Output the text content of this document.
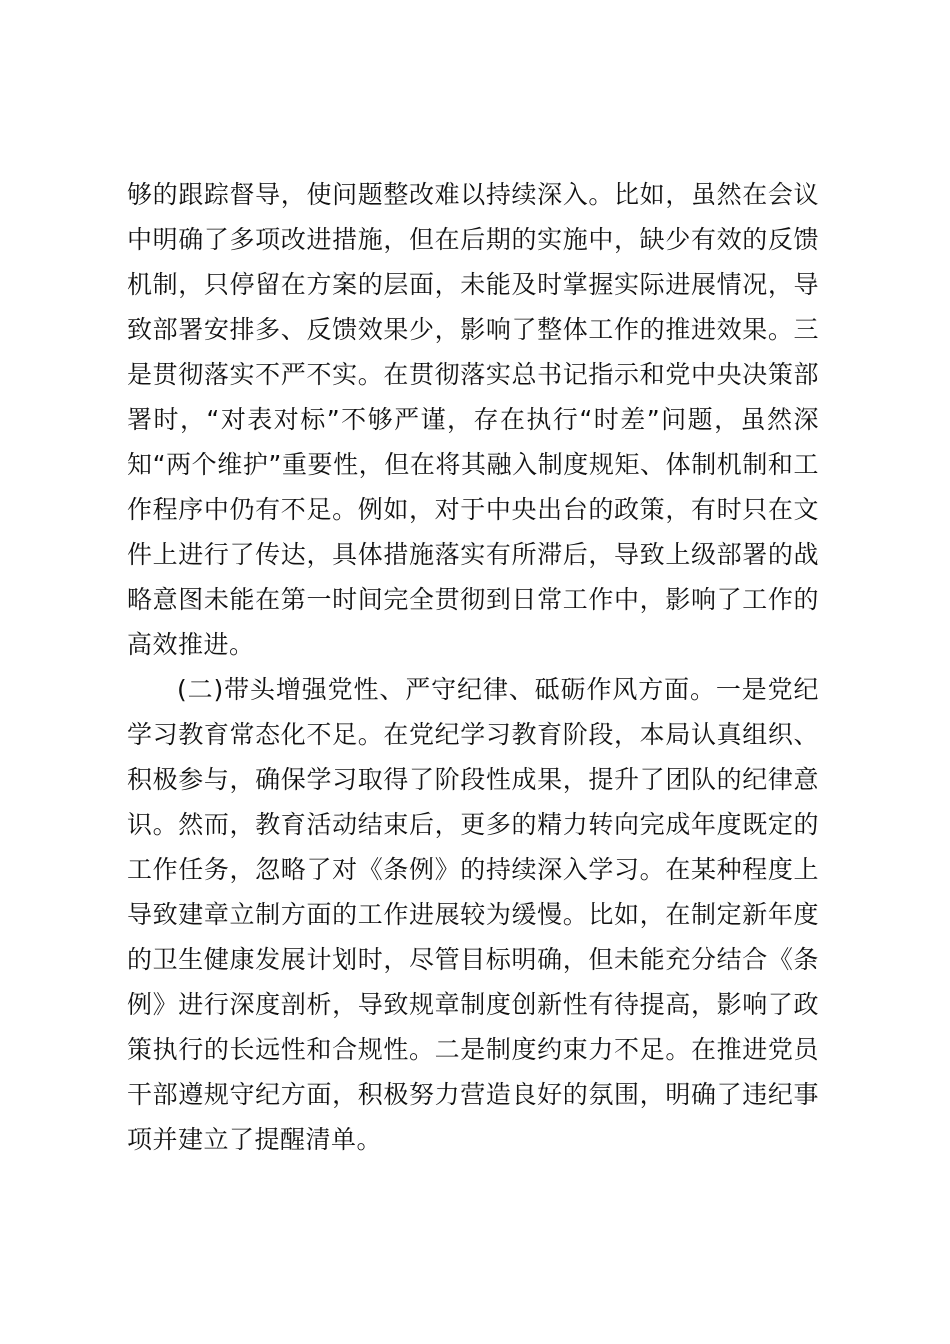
够的跟踪督导，使问题整改难以持续深入。比如，虽然在会议中明确了多项改进措施，但在后期的实施中，缺少有效的反馈机制，只停留在方案的层面，未能及时掌握实际进展情况，导致部署安排多、反馈效果少，影响了整体工作的推进效果。三是贯彻落实不严不实。在贯彻落实总书记指示和党中央决策部署时，“对表对标”不够严谨，存在执行“时差”问题，虽然深知“两个维护”重要性，但在将其融入制度规矩、体制机制和工作程序中仍有不足。例如，对于中央出台的政策，有时只在文件上进行了传达，具体措施落实有所滞后，导致上级部署的战略意图未能在第一时间完全贯彻到日常工作中，影响了工作的高效推进。

(二)带头增强党性、严守纪律、砥砺作风方面。一是党纪学习教育常态化不足。在党纪学习教育阶段，本局认真组织、积极参与，确保学习取得了阶段性成果，提升了团队的纪律意识。然而，教育活动结束后，更多的精力转向完成年度既定的工作任务，忽略了对《条例》的持续深入学习。在某种程度上导致建章立制方面的工作进展较为缓慢。比如，在制定新年度的卫生健康发展计划时，尽管目标明确，但未能充分结合《条例》进行深度剖析，导致规章制度创新性有待提高，影响了政策执行的长远性和合规性。二是制度约束力不足。在推进党员干部遵规守纪方面，积极努力营造良好的氛围，明确了违纪事项并建立了提醒清单。
